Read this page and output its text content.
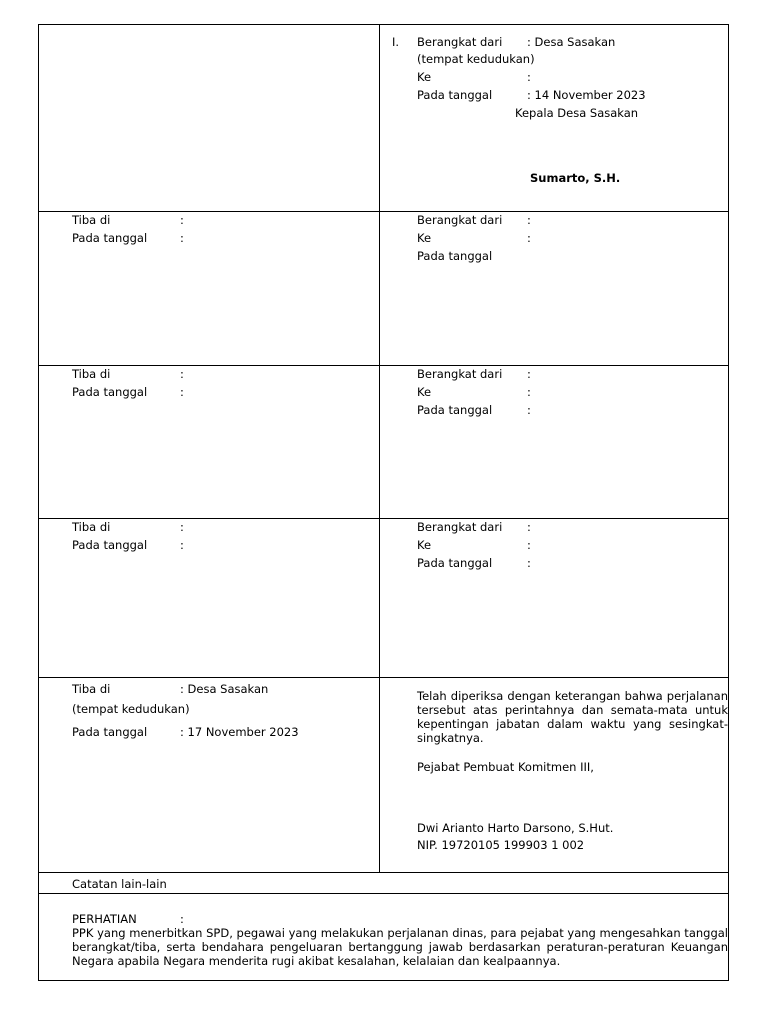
I. Berangkat dari : Desa Sasakan
(tempat kedudukan)
Ke	:
Pada tanggal	: 14 November 2023
Kepala Desa Sasakan
Sumarto, S.H.
Tiba di	:
Pada tanggal	:
Berangkat dari :
Ke	:
Pada tanggal
Tiba di	:
Pada tanggal	:
Berangkat dari :
Ke	:
Pada tanggal	:
Tiba di	:
Pada tanggal	:
Berangkat dari :
Ke	:
Pada tanggal	:
Tiba di	: Desa Sasakan
(tempat kedudukan)
Pada tanggal	: 17 November 2023
Telah diperiksa dengan keterangan bahwa perjalanan tersebut atas perintahnya dan semata-mata untuk kepentingan jabatan dalam waktu yang sesingkat-singkatnya.
Pejabat Pembuat Komitmen III,
Dwi Arianto Harto Darsono, S.Hut.
NIP. 19720105 199903 1 002
Catatan lain-lain
PERHATIAN	:
PPK yang menerbitkan SPD, pegawai yang melakukan perjalanan dinas, para pejabat yang mengesahkan tanggal berangkat/tiba, serta bendahara pengeluaran bertanggung jawab berdasarkan peraturan-peraturan Keuangan Negara apabila Negara menderita rugi akibat kesalahan, kelalaian dan kealpaannya.
